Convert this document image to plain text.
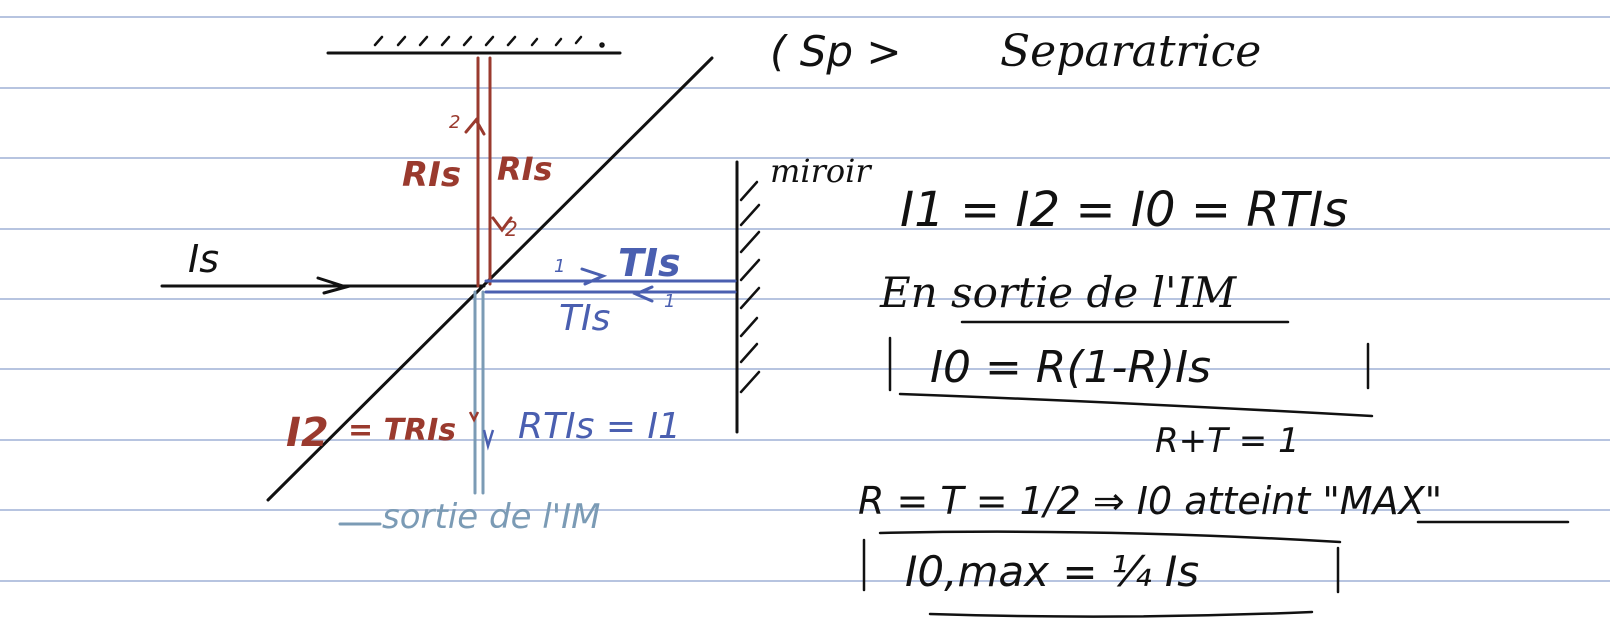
Is
RIs RIs
2
2
TIs
TIs
1
1
miroir
I2 = TRIs RTIs = I1
sortie de l'IM
( Sp > Separatrice
I1 = I2 = I0 = RTIs
En sortie de l'IM
I0 = R(1-R)Is
R+T = 1
R = T = 1/2 ⇒ I0 atteint "MAX"
I0,max = ¼ Is
